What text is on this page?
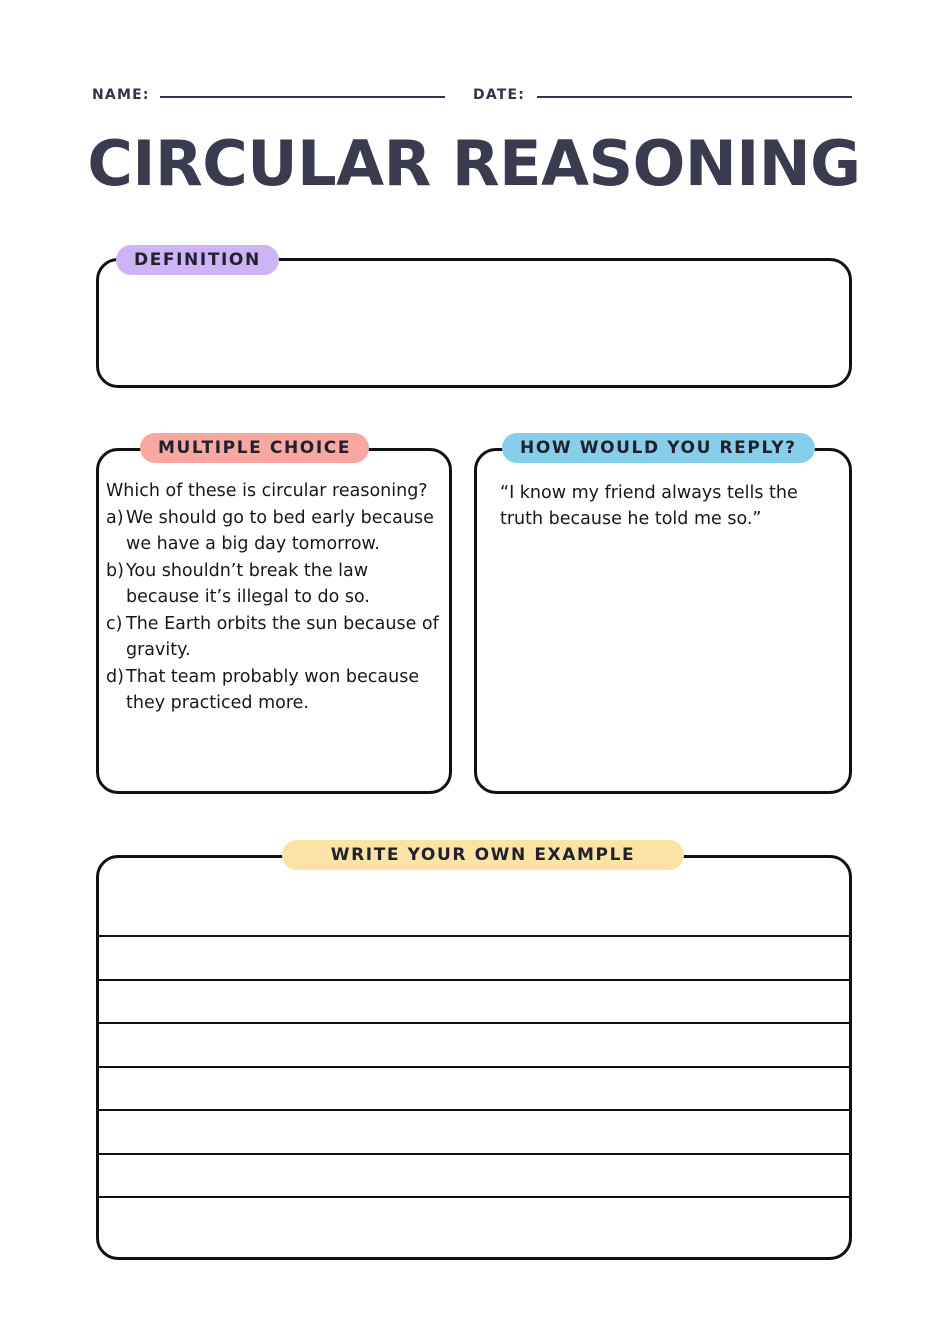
NAME:	DATE:
CIRCULAR REASONING
DEFINITION
MULTIPLE CHOICE
Which of these is circular reasoning?
a) We should go to bed early because we have a big day tomorrow.
b) You shouldn’t break the law because it’s illegal to do so.
c) The Earth orbits the sun because of gravity.
d) That team probably won because they practiced more.
HOW WOULD YOU REPLY?
“I know my friend always tells the truth because he told me so.”
WRITE YOUR OWN EXAMPLE
